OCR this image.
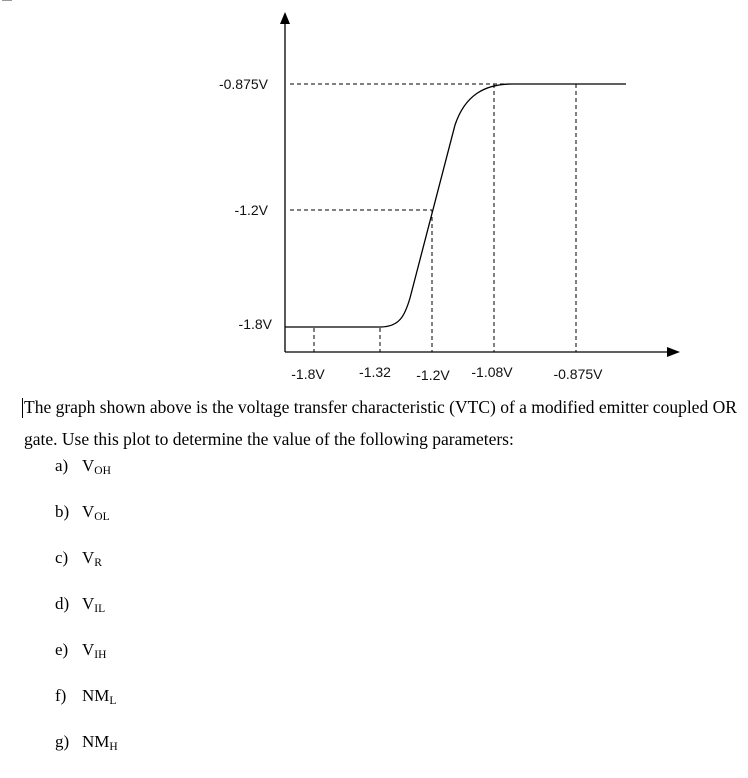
-0.875V
-1.2V
-1.8V
-1.8V -1.32 -1.2V -1.08V	-0.875V
The graph shown above is the voltage transfer characteristic (VTC) of a modified emitter coupled OR gate. Use this plot to determine the value of the following parameters:
a) $V_{OH}$
b) $V_{OL}$
c) $V_R$
d) $V_{IL}$
e) $V_{IH}$
f) $NM_L$
g) $NM_H$
